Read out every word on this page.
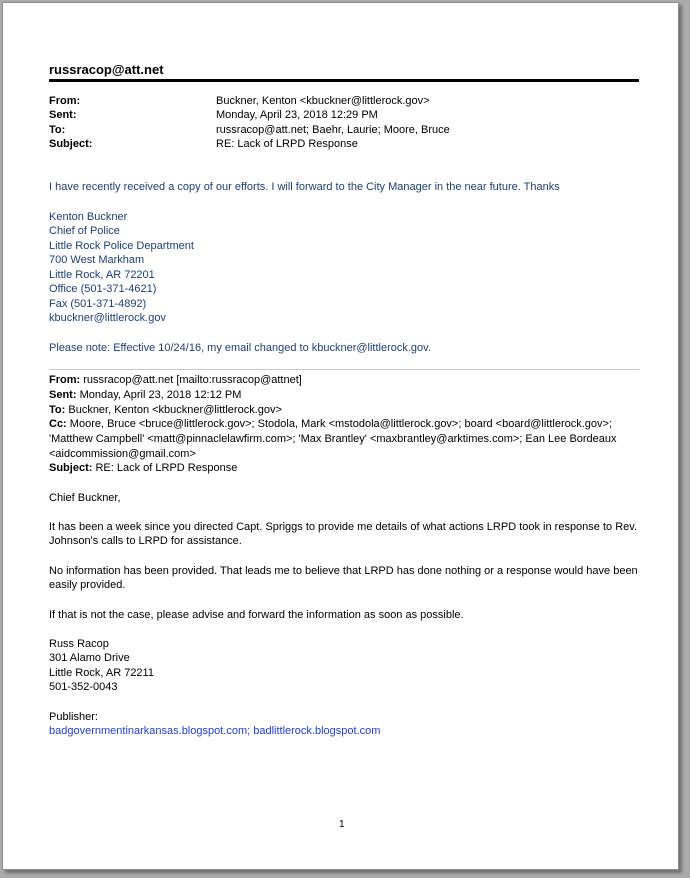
russracop@att.net
From:	Buckner, Kenton <kbuckner@littlerock.gov>
Sent:	Monday, April 23, 2018 12:29 PM
To:	russracop@att.net; Baehr, Laurie; Moore, Bruce
Subject:	RE: Lack of LRPD Response
I have recently received a copy of our efforts. I will forward to the City Manager in the near future. Thanks
Kenton Buckner
Chief of Police
Little Rock Police Department
700 West Markham
Little Rock, AR 72201
Office (501-371-4621)
Fax (501-371-4892)
kbuckner@littlerock.gov
Please note: Effective 10/24/16, my email changed to kbuckner@littlerock.gov.
From: russracop@att.net [mailto:russracop@attnet]
Sent: Monday, April 23, 2018 12:12 PM
To: Buckner, Kenton <kbuckner@littlerock.gov>
Cc: Moore, Bruce <bruce@littlerock.gov>; Stodola, Mark <mstodola@littlerock.gov>; board <board@littlerock.gov>;
'Matthew Campbell' <matt@pinnaclelawfirm.com>; 'Max Brantley' <maxbrantley@arktimes.com>; Ean Lee Bordeaux
<aidcommission@gmail.com>
Subject: RE: Lack of LRPD Response
Chief Buckner,
It has been a week since you directed Capt. Spriggs to provide me details of what actions LRPD took in response to Rev.
Johnson's calls to LRPD for assistance.
No information has been provided. That leads me to believe that LRPD has done nothing or a response would have been
easily provided.
If that is not the case, please advise and forward the information as soon as possible.
Russ Racop
301 Alamo Drive
Little Rock, AR 72211
501-352-0043
Publisher:
badgovernmentinarkansas.blogspot.com; badlittlerock.blogspot.com
1
